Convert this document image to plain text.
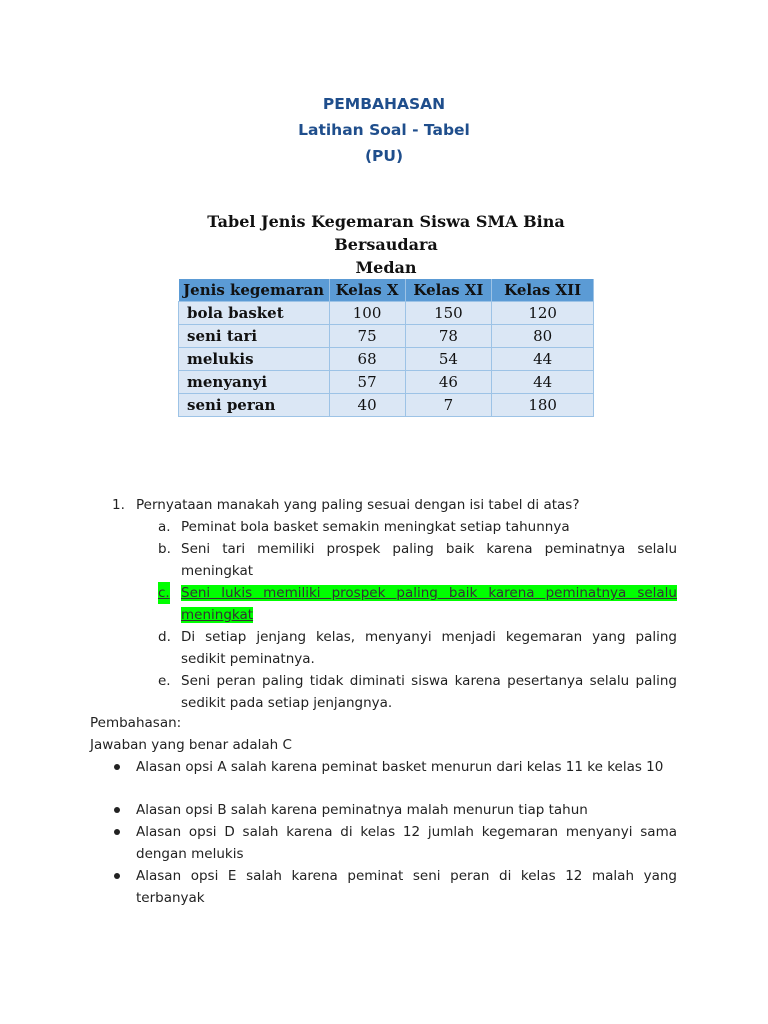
PEMBAHASAN
Latihan Soal - Tabel
(PU)
Tabel Jenis Kegemaran Siswa SMA Bina
Bersaudara
Medan
Jenis kegemaran	Kelas X	Kelas XI	Kelas XII
bola basket	100	150	120
seni tari	75	78	80
melukis	68	54	44
menyanyi	57	46	44
seni peran	40	7	180
1. Pernyataan manakah yang paling sesuai dengan isi tabel di atas?
a. Peminat bola basket semakin meningkat setiap tahunnya
b. Seni tari memiliki prospek paling baik karena peminatnya selalu meningkat
c. Seni lukis memiliki prospek paling baik karena peminatnya selalu meningkat
d. Di setiap jenjang kelas, menyanyi menjadi kegemaran yang paling sedikit peminatnya.
e. Seni peran paling tidak diminati siswa karena pesertanya selalu paling sedikit pada setiap jenjangnya.
Pembahasan:
Jawaban yang benar adalah C
Alasan opsi A salah karena peminat basket menurun dari kelas 11 ke kelas 10
Alasan opsi B salah karena peminatnya malah menurun tiap tahun
Alasan opsi D salah karena di kelas 12 jumlah kegemaran menyanyi sama dengan melukis
Alasan opsi E salah karena peminat seni peran di kelas 12 malah yang terbanyak
